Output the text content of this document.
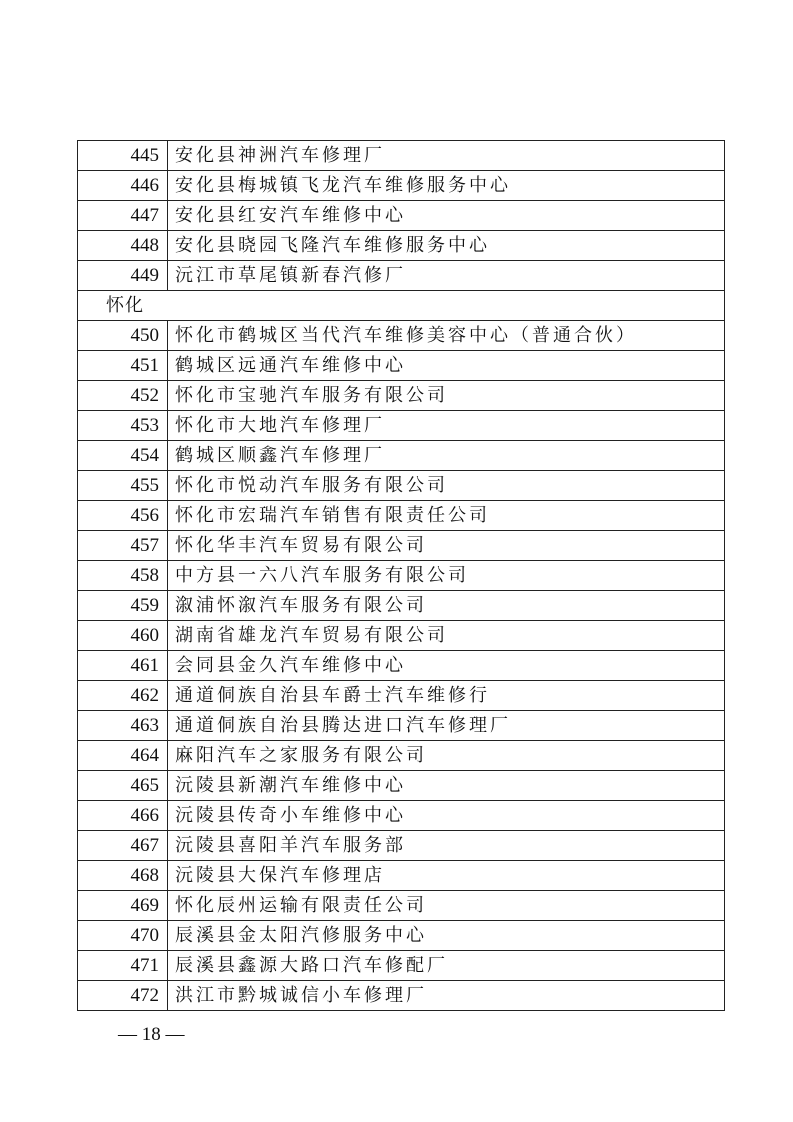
445	安化县神洲汽车修理厂
446	安化县梅城镇飞龙汽车维修服务中心
447	安化县红安汽车维修中心
448	安化县晓园飞隆汽车维修服务中心
449	沅江市草尾镇新春汽修厂
怀化	
450	怀化市鹤城区当代汽车维修美容中心（普通合伙）
451	鹤城区远通汽车维修中心
452	怀化市宝驰汽车服务有限公司
453	怀化市大地汽车修理厂
454	鹤城区顺鑫汽车修理厂
455	怀化市悦动汽车服务有限公司
456	怀化市宏瑞汽车销售有限责任公司
457	怀化华丰汽车贸易有限公司
458	中方县一六八汽车服务有限公司
459	溆浦怀溆汽车服务有限公司
460	湖南省雄龙汽车贸易有限公司
461	会同县金久汽车维修中心
462	通道侗族自治县车爵士汽车维修行
463	通道侗族自治县腾达进口汽车修理厂
464	麻阳汽车之家服务有限公司
465	沅陵县新潮汽车维修中心
466	沅陵县传奇小车维修中心
467	沅陵县喜阳羊汽车服务部
468	沅陵县大保汽车修理店
469	怀化辰州运输有限责任公司
470	辰溪县金太阳汽修服务中心
471	辰溪县鑫源大路口汽车修配厂
472	洪江市黔城诚信小车修理厂
— 18 —
